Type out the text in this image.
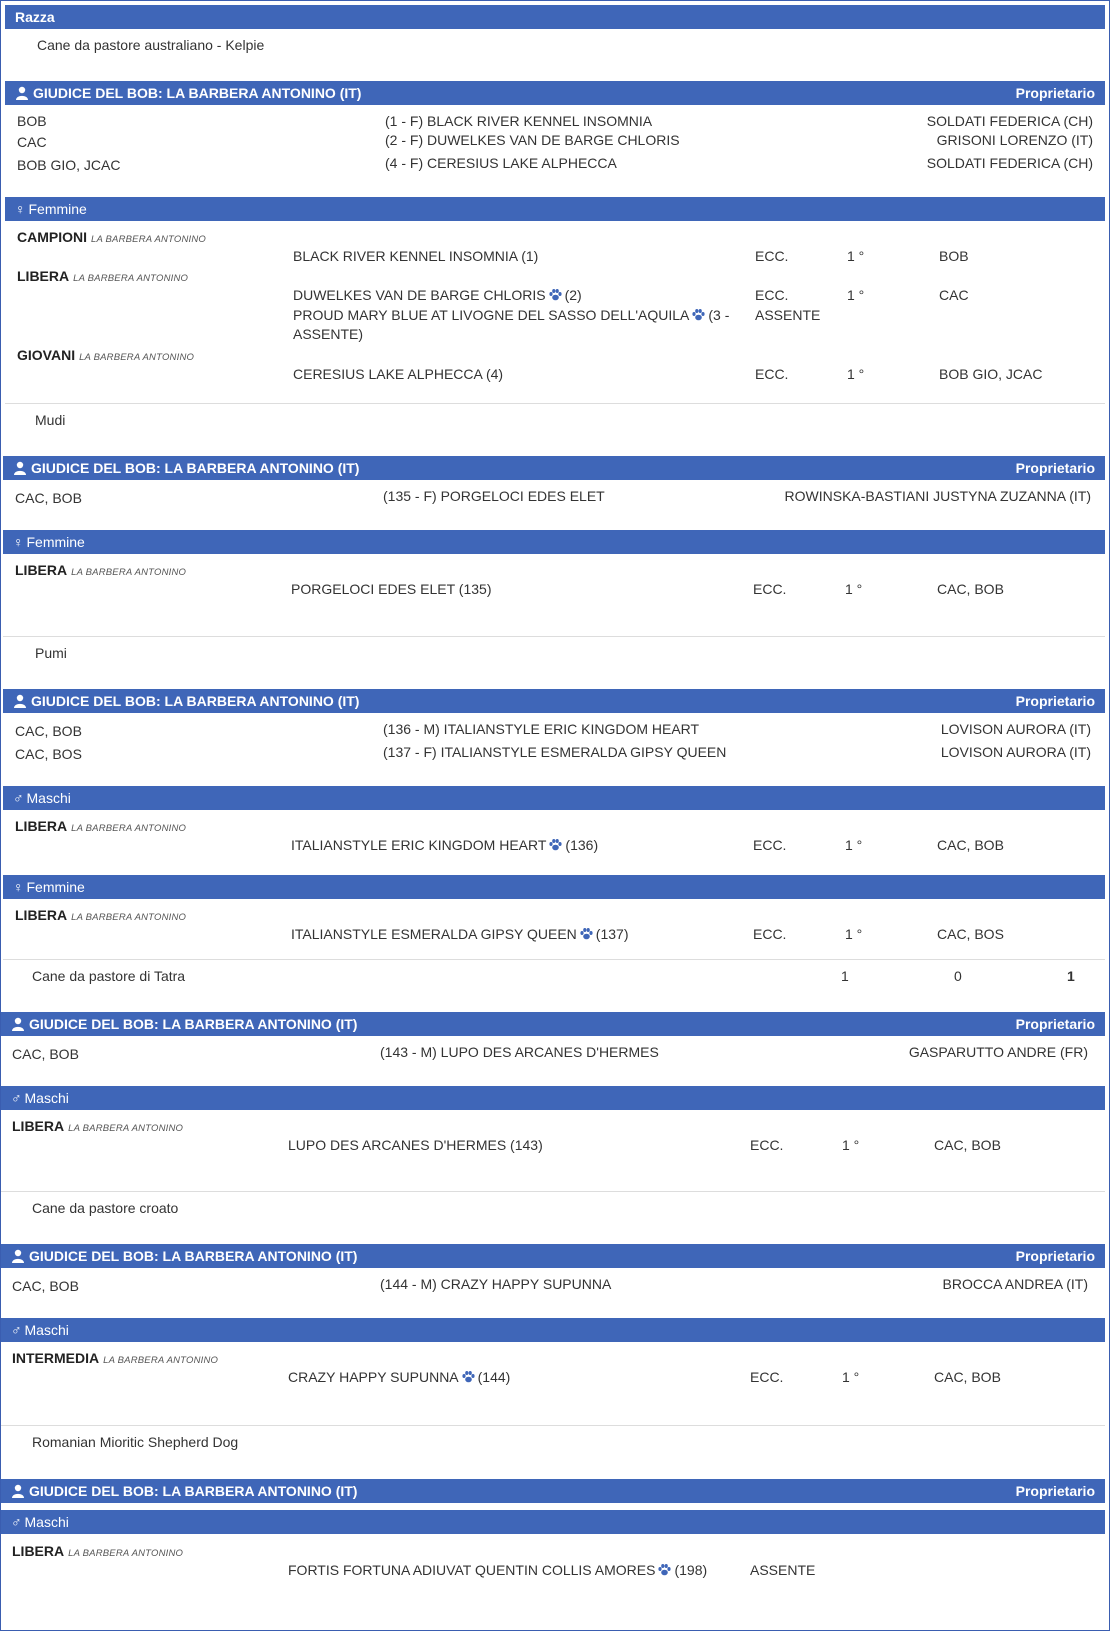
Razza
Cane da pastore australiano - Kelpie
GIUDICE DEL BOB: LA BARBERA ANTONINO (IT)	Proprietario
BOB	(1 - F) BLACK RIVER KENNEL INSOMNIA	SOLDATI FEDERICA (CH)
CAC	(2 - F) DUWELKES VAN DE BARGE CHLORIS	GRISONI LORENZO (IT)
BOB GIO, JCAC	(4 - F) CERESIUS LAKE ALPHECCA	SOLDATI FEDERICA (CH)
♀ Femmine
CAMPIONI LA BARBERA ANTONINO
BLACK RIVER KENNEL INSOMNIA (1)	ECC.	1 °	BOB
LIBERA LA BARBERA ANTONINO
DUWELKES VAN DE BARGE CHLORIS (2)	ECC.	1 °	CAC
PROUD MARY BLUE AT LIVOGNE DEL SASSO DELL'AQUILA (3 -
ASSENTE)
ASSENTE
GIOVANI LA BARBERA ANTONINO
CERESIUS LAKE ALPHECCA (4)	ECC.	1 °	BOB GIO, JCAC
Mudi
GIUDICE DEL BOB: LA BARBERA ANTONINO (IT)	Proprietario
CAC, BOB	(135 - F) PORGELOCI EDES ELET	ROWINSKA-BASTIANI JUSTYNA ZUZANNA (IT)
♀ Femmine
LIBERA LA BARBERA ANTONINO
PORGELOCI EDES ELET (135)	ECC.	1 °	CAC, BOB
Pumi
GIUDICE DEL BOB: LA BARBERA ANTONINO (IT)	Proprietario
CAC, BOB	(136 - M) ITALIANSTYLE ERIC KINGDOM HEART	LOVISON AURORA (IT)
CAC, BOS	(137 - F) ITALIANSTYLE ESMERALDA GIPSY QUEEN	LOVISON AURORA (IT)
♂ Maschi
LIBERA LA BARBERA ANTONINO
ITALIANSTYLE ERIC KINGDOM HEART (136)	ECC.	1 °	CAC, BOB
♀ Femmine
LIBERA LA BARBERA ANTONINO
ITALIANSTYLE ESMERALDA GIPSY QUEEN (137)	ECC.	1 °	CAC, BOS
Cane da pastore di Tatra	1	0	1
GIUDICE DEL BOB: LA BARBERA ANTONINO (IT)	Proprietario
CAC, BOB	(143 - M) LUPO DES ARCANES D'HERMES	GASPARUTTO ANDRE (FR)
♂ Maschi
LIBERA LA BARBERA ANTONINO
LUPO DES ARCANES D'HERMES (143)	ECC.	1 °	CAC, BOB
Cane da pastore croato
GIUDICE DEL BOB: LA BARBERA ANTONINO (IT)	Proprietario
CAC, BOB	(144 - M) CRAZY HAPPY SUPUNNA	BROCCA ANDREA (IT)
♂ Maschi
INTERMEDIA LA BARBERA ANTONINO
CRAZY HAPPY SUPUNNA (144)	ECC.	1 °	CAC, BOB
Romanian Mioritic Shepherd Dog
GIUDICE DEL BOB: LA BARBERA ANTONINO (IT)	Proprietario
♂ Maschi
LIBERA LA BARBERA ANTONINO
FORTIS FORTUNA ADIUVAT QUENTIN COLLIS AMORES (198)	ASSENTE
